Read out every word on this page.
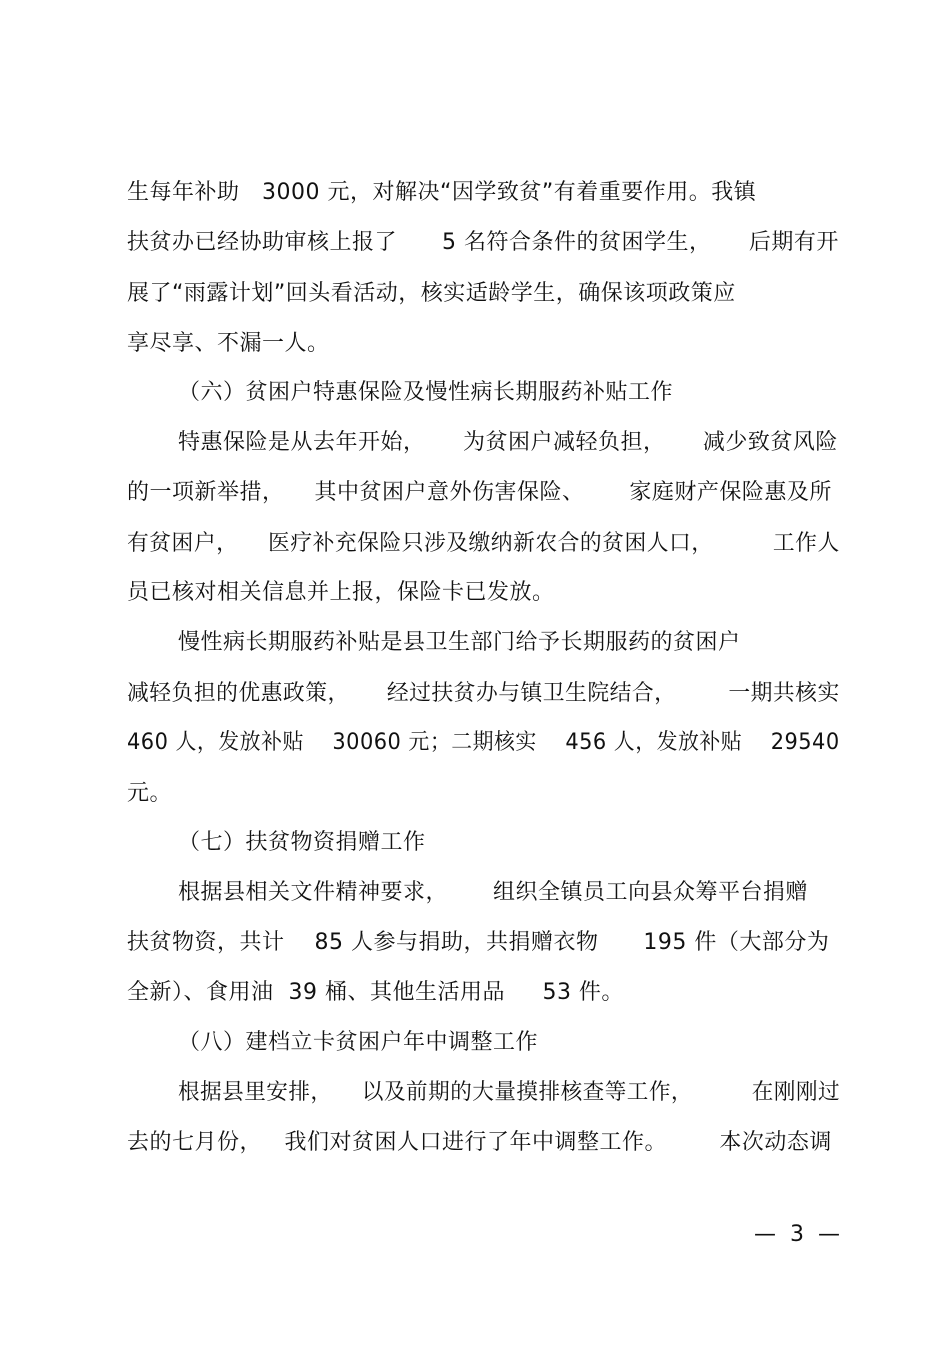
生每年补助   3000 元，对解决“因学致贫”有着重要作用。我镇
扶贫办已经协助审核上报了      5 名符合条件的贫困学生，     后期有开
展了“雨露计划”回头看活动，核实适龄学生，确保该项政策应
享尽享、不漏一人。
（六）贫困户特惠保险及慢性病长期服药补贴工作
特惠保险是从去年开始，     为贫困户减轻负担，     减少致贫风险
的一项新举措，    其中贫困户意外伤害保险、      家庭财产保险惠及所
有贫困户，    医疗补充保险只涉及缴纳新农合的贫困人口，        工作人
员已核对相关信息并上报，保险卡已发放。
慢性病长期服药补贴是县卫生部门给予长期服药的贫困户
减轻负担的优惠政策，     经过扶贫办与镇卫生院结合，       一期共核实
460 人，发放补贴    30060 元；二期核实    456 人，发放补贴    29540
元。
（七）扶贫物资捐赠工作
根据县相关文件精神要求，      组织全镇员工向县众筹平台捐赠
扶贫物资，共计    85 人参与捐助，共捐赠衣物      195 件（大部分为
全新）、食用油  39 桶、其他生活用品     53 件。
（八）建档立卡贫困户年中调整工作
根据县里安排，    以及前期的大量摸排核查等工作，        在刚刚过
去的七月份，   我们对贫困人口进行了年中调整工作。       本次动态调
—  3  —
